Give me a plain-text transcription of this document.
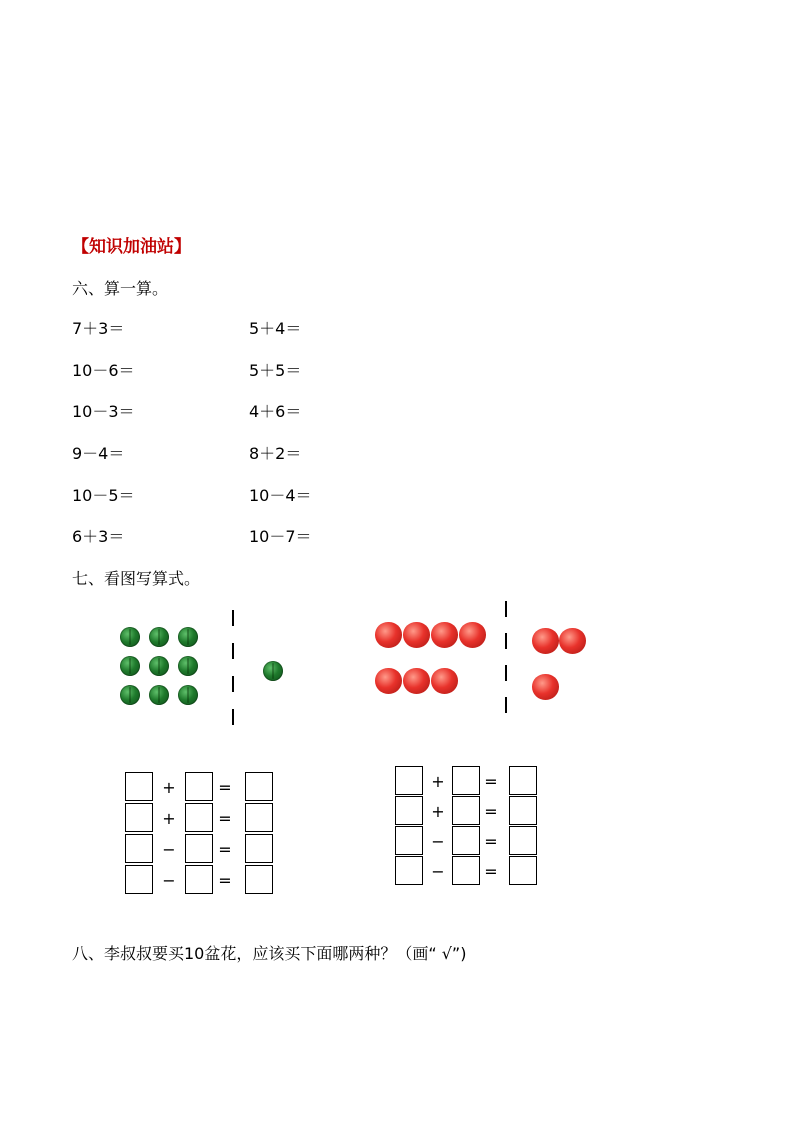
【知识加油站】
六、算一算。
7＋3＝	5＋4＝
10－6＝	5＋5＝
10－3＝	4＋6＝
9－4＝	8＋2＝
10－5＝	10－4＝
6＋3＝	10－7＝
七、看图写算式。
+	=
+	=
−	=
−	=
+ =
+ =
− =
− =
八、李叔叔要买10盆花，应该买下面哪两种？（画“ √”)
